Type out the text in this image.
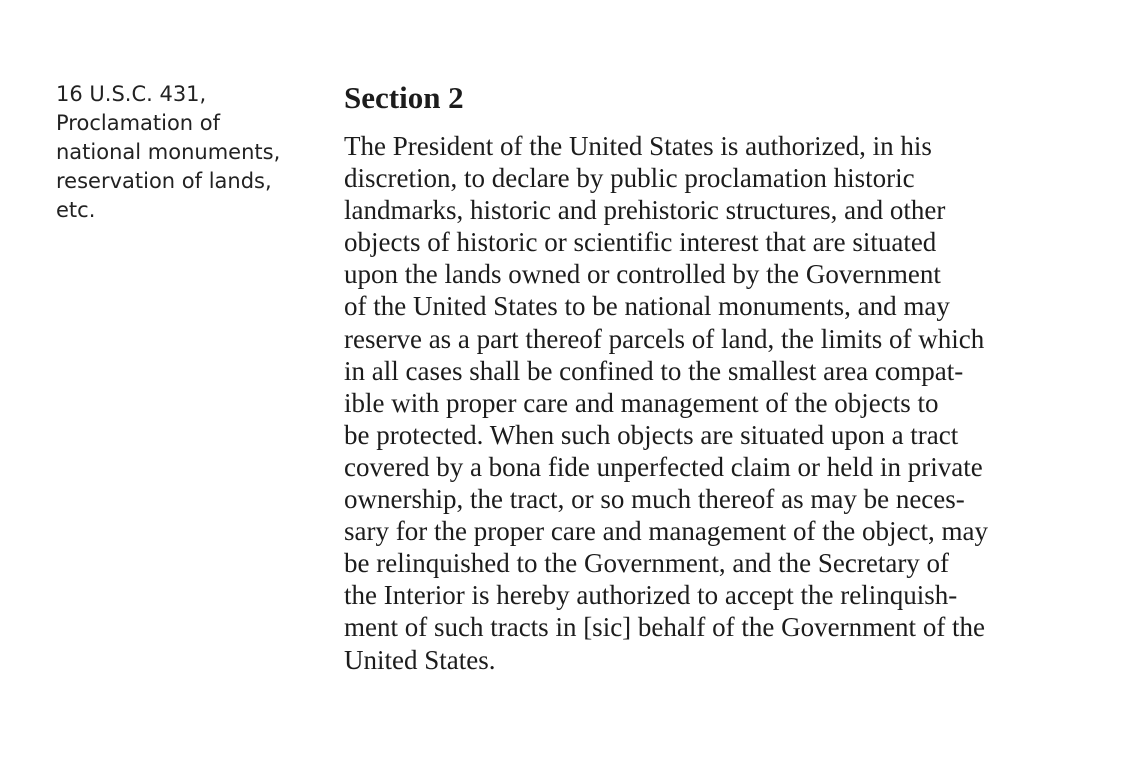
16 U.S.C. 431,
Proclamation of
national monuments,
reservation of lands,
etc.
Section 2
The President of the United States is authorized, in his
discretion, to declare by public proclamation historic
landmarks, historic and prehistoric structures, and other
objects of historic or scientific interest that are situated
upon the lands owned or controlled by the Government
of the United States to be national monuments, and may
reserve as a part thereof parcels of land, the limits of which
in all cases shall be confined to the smallest area compat-
ible with proper care and management of the objects to
be protected. When such objects are situated upon a tract
covered by a bona fide unperfected claim or held in private
ownership, the tract, or so much thereof as may be neces-
sary for the proper care and management of the object, may
be relinquished to the Government, and the Secretary of
the Interior is hereby authorized to accept the relinquish-
ment of such tracts in [sic] behalf of the Government of the
United States.
